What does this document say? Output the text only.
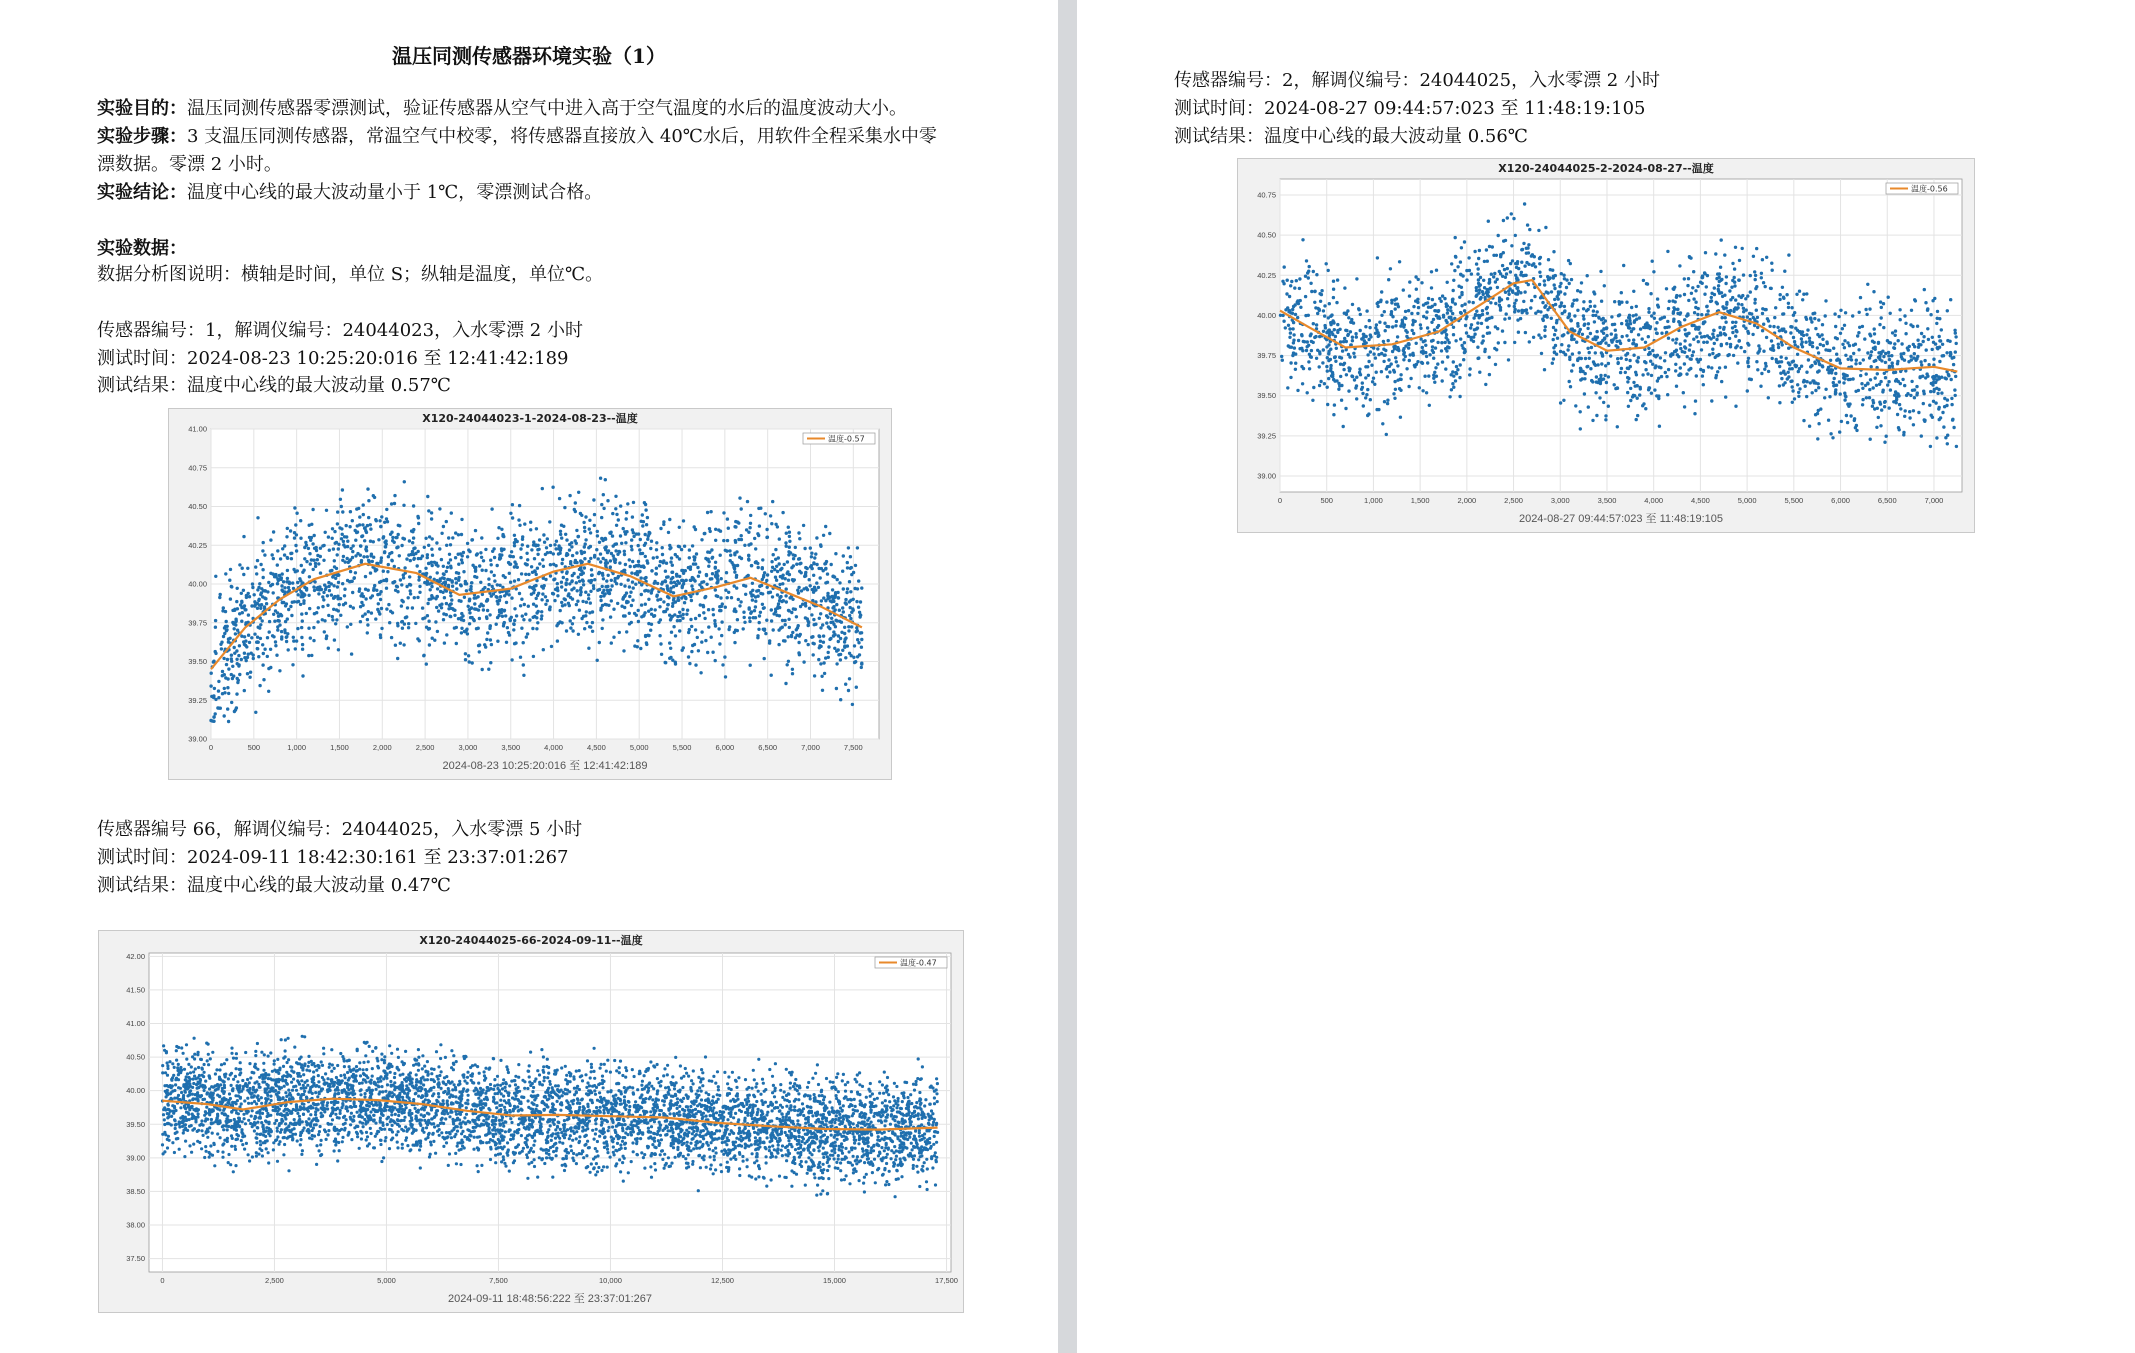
温压同测传感器环境实验（1）
实验目的：温压同测传感器零漂测试，验证传感器从空气中进入高于空气温度的水后的温度波动大小。
实验步骤：3 支温压同测传感器，常温空气中校零，将传感器直接放入 40℃水后，用软件全程采集水中零
漂数据。零漂 2 小时。
实验结论：温度中心线的最大波动量小于 1℃，零漂测试合格。
实验数据：
数据分析图说明：横轴是时间，单位 S；纵轴是温度，单位℃。
传感器编号：1，解调仪编号：24044023，入水零漂 2 小时
测试时间：2024-08-23 10:25:20:016 至 12:41:42:189
测试结果：温度中心线的最大波动量 0.57℃
X120-24044023-1-2024-08-23--温度
0	500	1,000	1,500	2,000	2,500	3,000	3,500	4,000	4,500	5,000	5,500	6,000	6,500	7,000	7,500
39.00
39.25
39.50
39.75
40.00
40.25
40.50
40.75
41.00
温度-0.57
2024-08-23 10:25:20:016 至 12:41:42:189
传感器编号 66，解调仪编号：24044025，入水零漂 5 小时
测试时间：2024-09-11 18:42:30:161 至 23:37:01:267
测试结果：温度中心线的最大波动量 0.47℃
X120-24044025-66-2024-09-11--温度
0	2,500	5,000	7,500	10,000	12,500	15,000	17,500
37.50
38.00
38.50
39.00
39.50
40.00
40.50
41.00
41.50
42.00
温度-0.47
2024-09-11 18:48:56:222 至 23:37:01:267
传感器编号：2，解调仪编号：24044025，入水零漂 2 小时
测试时间：2024-08-27 09:44:57:023 至 11:48:19:105
测试结果：温度中心线的最大波动量 0.56℃
X120-24044025-2-2024-08-27--温度
0	500	1,000	1,500	2,000	2,500	3,000	3,500	4,000	4,500	5,000	5,500	6,000	6,500	7,000
39.00
39.25
39.50
39.75
40.00
40.25
40.50
40.75
温度-0.56
2024-08-27 09:44:57:023 至 11:48:19:105
